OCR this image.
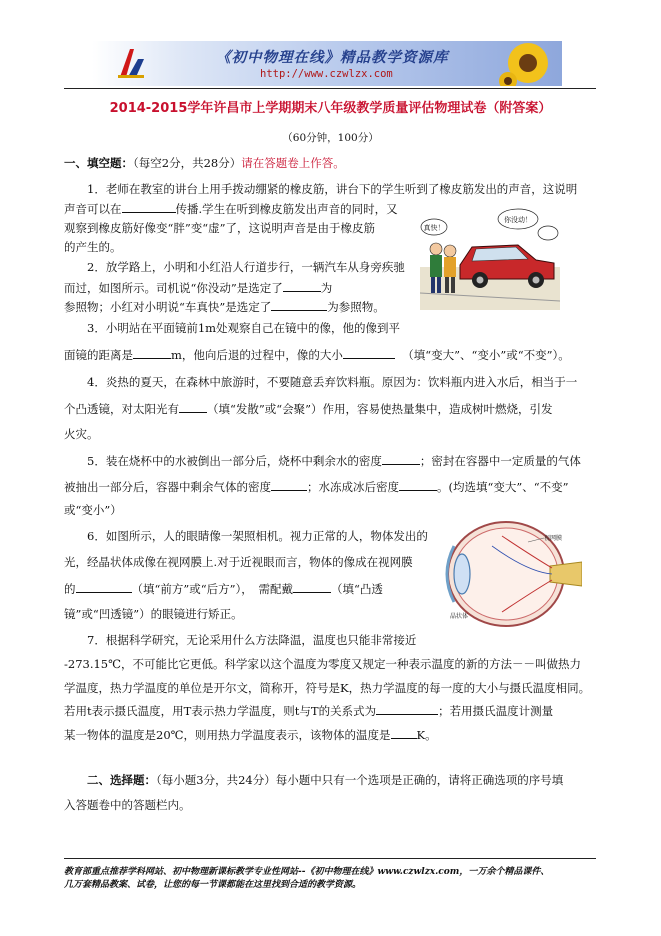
《初中物理在线》精品教学资源库
http://www.czwlzx.com
2014-2015学年许昌市上学期期末八年级教学质量评估物理试卷（附答案）
（60分钟，100分）
一、填空题：（每空2分，共28分）请在答题卷上作答。
1．老师在教室的讲台上用手拨动绷紧的橡皮筋，讲台下的学生听到了橡皮筋发出的声音，这说明
声音可以在	传播.学生在听到橡皮筋发出声音的同时，又
观察到橡皮筋好像变“胖”变“虚”了，这说明声音是由于橡皮筋
的产生的。
真快！
你没动！
2．放学路上，小明和小红沿人行道步行，一辆汽车从身旁疾驰
而过，如图所示。司机说“你没动”是选定了	为
参照物；小红对小明说“车真快”是选定了	为参照物。
3．小明站在平面镜前1m处观察自己在镜中的像，他的像到平
面镜的距离是	m，他向后退的过程中，像的大小	（填“变大”、“变小”或“不变”）。
4．炎热的夏天，在森林中旅游时，不要随意丢弃饮料瓶。原因为：饮料瓶内进入水后，相当于一
个凸透镜，对太阳光有 （填“发散”或“会聚”）作用，容易使热量集中，造成树叶燃烧，引发
火灾。
5．装在烧杯中的水被倒出一部分后，烧杯中剩余水的密度	；密封在容器中一定质量的气体
被抽出一部分后，容器中剩余气体的密度	；水冻成冰后密度	。(均选填“变大”、“不变”
或“变小”）
视网膜
晶状体
6．如图所示，人的眼睛像一架照相机。视力正常的人，物体发出的
光，经晶状体成像在视网膜上.对于近视眼而言，物体的像成在视网膜
的	（填“前方”或“后方”），　需配戴	（填“凸透
镜”或“凹透镜”）的眼镜进行矫正。
7．根据科学研究，无论采用什么方法降温，温度也只能非常接近
-273.15℃，不可能比它更低。科学家以这个温度为零度又规定一种表示温度的新的方法－－叫做热力
学温度，热力学温度的单位是开尔文，简称开，符号是K，热力学温度的每一度的大小与摄氏温度相同。
若用t表示摄氏温度，用T表示热力学温度，则t与T的关系式为	；若用摄氏温度计测量
某一物体的温度是20℃，则用热力学温度表示，该物体的温度是 K。
二、选择题：（每小题3分，共24分）每小题中只有一个选项是正确的，请将正确选项的序号填
入答题卷中的答题栏内。
教育部重点推荐学科网站、初中物理新课标教学专业性网站--《初中物理在线》www.czwlzx.com，一万余个精品课件、
几万套精品教案、试卷，让您的每一节课都能在这里找到合适的教学资源。
